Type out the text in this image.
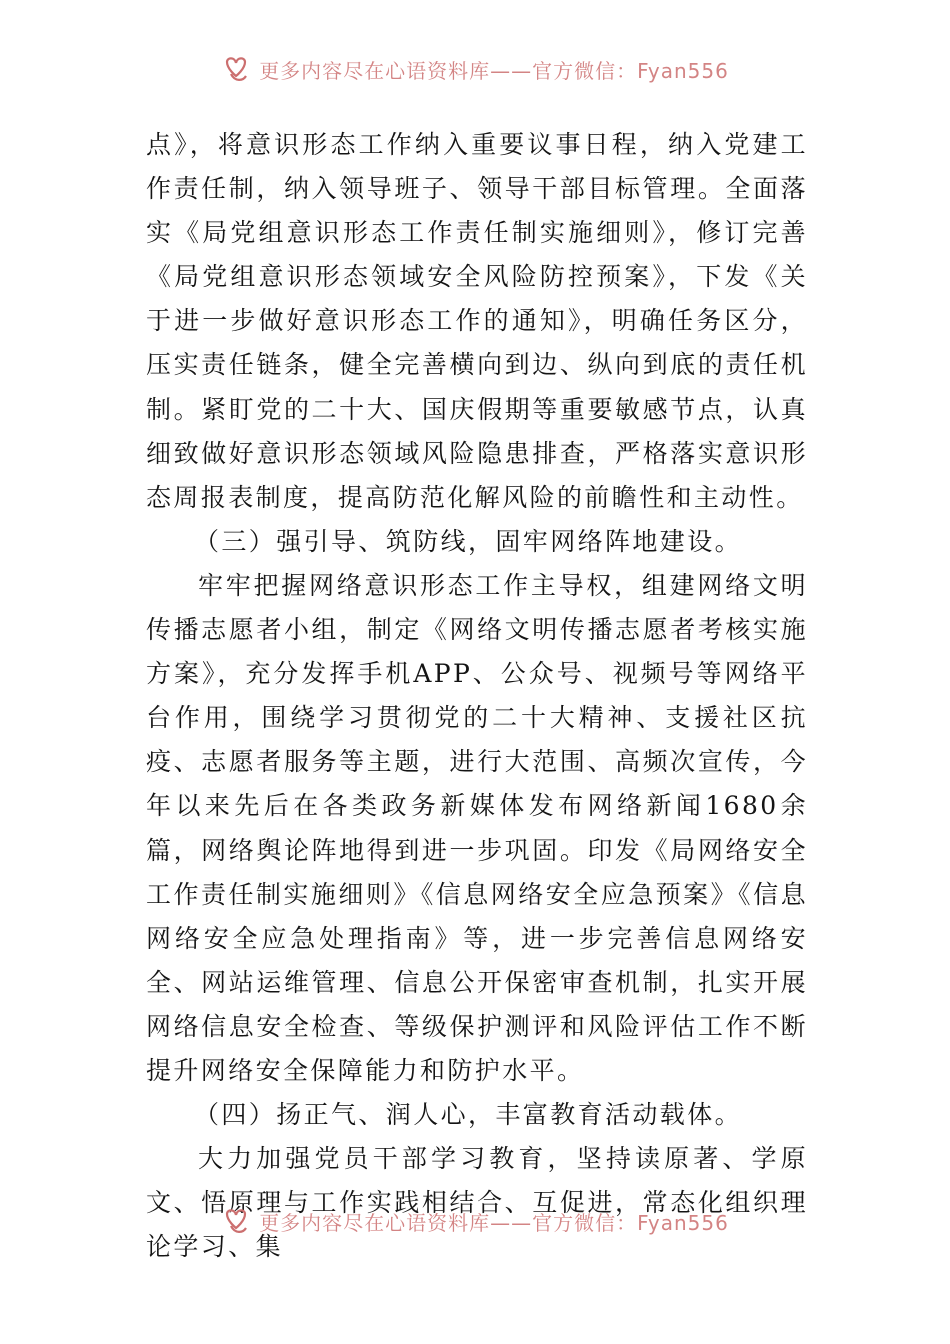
更多内容尽在心语资料库——官方微信：Fyan556

点》，将意识形态工作纳入重要议事日程，纳入党建工作责任制，纳入领导班子、领导干部目标管理。全面落实《局党组意识形态工作责任制实施细则》，修订完善《局党组意识形态领域安全风险防控预案》，下发《关于进一步做好意识形态工作的通知》，明确任务区分，压实责任链条，健全完善横向到边、纵向到底的责任机制。紧盯党的二十大、国庆假期等重要敏感节点，认真细致做好意识形态领域风险隐患排查，严格落实意识形态周报表制度，提高防范化解风险的前瞻性和主动性。

（三）强引导、筑防线，固牢网络阵地建设。

牢牢把握网络意识形态工作主导权，组建网络文明传播志愿者小组，制定《网络文明传播志愿者考核实施方案》，充分发挥手机APP、公众号、视频号等网络平台作用，围绕学习贯彻党的二十大精神、支援社区抗疫、志愿者服务等主题，进行大范围、高频次宣传，今年以来先后在各类政务新媒体发布网络新闻1680余篇，网络舆论阵地得到进一步巩固。印发《局网络安全工作责任制实施细则》《信息网络安全应急预案》《信息网络安全应急处理指南》等，进一步完善信息网络安全、网站运维管理、信息公开保密审查机制，扎实开展网络信息安全检查、等级保护测评和风险评估工作不断提升网络安全保障能力和防护水平。

（四）扬正气、润人心，丰富教育活动载体。

大力加强党员干部学习教育，坚持读原著、学原文、悟原理与工作实践相结合、互促进，常态化组织理论学习、集

更多内容尽在心语资料库——官方微信：Fyan556
